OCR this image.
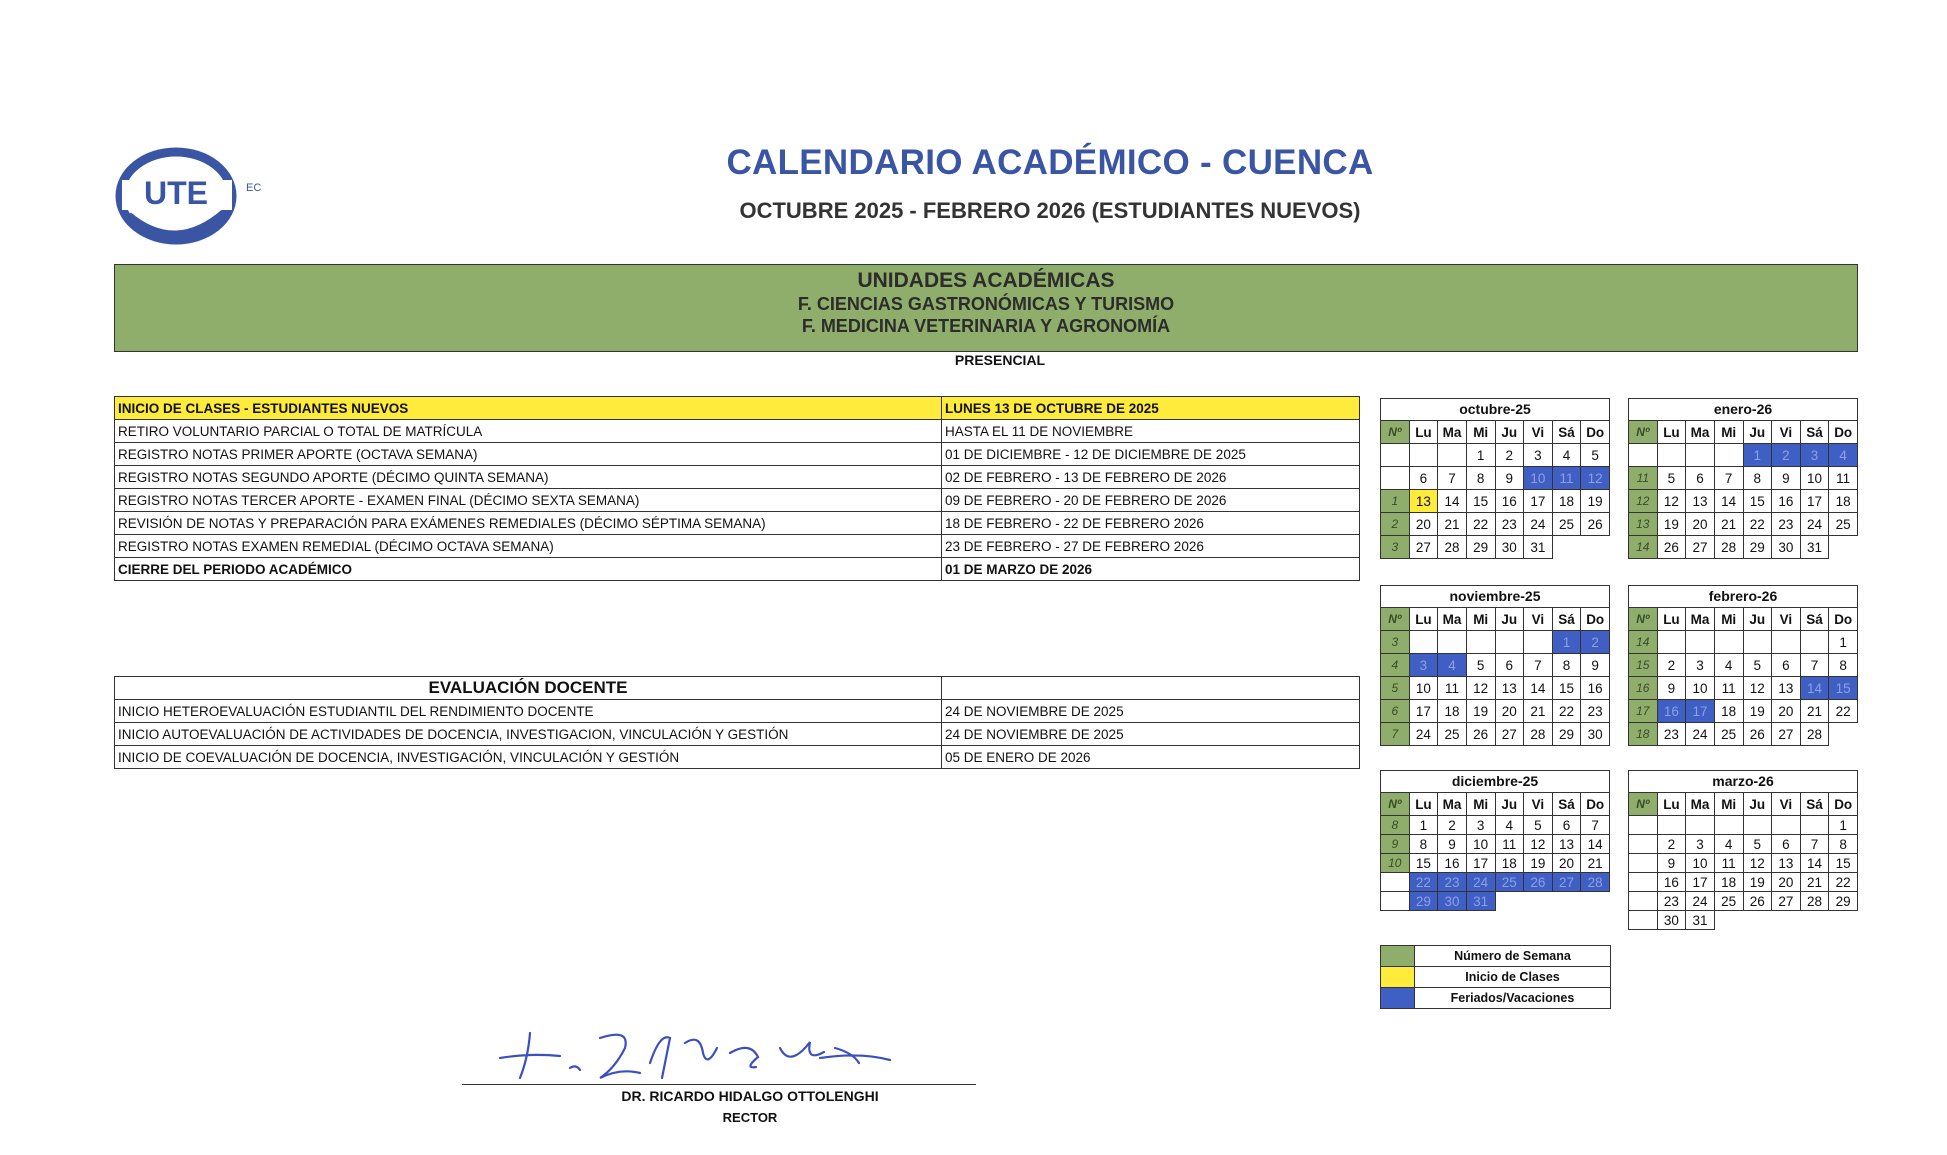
UTE	EC
CALENDARIO ACADÉMICO - CUENCA
OCTUBRE 2025 - FEBRERO 2026 (ESTUDIANTES NUEVOS)
UNIDADES ACADÉMICAS
F. CIENCIAS GASTRONÓMICAS Y TURISMO
F. MEDICINA VETERINARIA Y AGRONOMÍA
PRESENCIAL
INICIO DE CLASES - ESTUDIANTES NUEVOS	LUNES 13 DE OCTUBRE DE 2025
RETIRO VOLUNTARIO PARCIAL O TOTAL DE MATRÍCULA	HASTA EL 11 DE NOVIEMBRE
REGISTRO NOTAS PRIMER APORTE (OCTAVA SEMANA)	01 DE DICIEMBRE - 12 DE DICIEMBRE DE 2025
REGISTRO NOTAS SEGUNDO APORTE (DÉCIMO QUINTA SEMANA)	02 DE FEBRERO - 13 DE FEBRERO DE 2026
REGISTRO NOTAS TERCER APORTE - EXAMEN FINAL (DÉCIMO SEXTA SEMANA)	09 DE FEBRERO - 20 DE FEBRERO DE 2026
REVISIÓN DE NOTAS Y PREPARACIÓN PARA EXÁMENES REMEDIALES (DÉCIMO SÉPTIMA SEMANA)	18 DE FEBRERO - 22 DE FEBRERO 2026
REGISTRO NOTAS EXAMEN REMEDIAL (DÉCIMO OCTAVA SEMANA)	23 DE FEBRERO - 27 DE FEBRERO 2026
CIERRE DEL PERIODO ACADÉMICO	01 DE MARZO DE 2026
EVALUACIÓN DOCENTE	
INICIO HETEROEVALUACIÓN ESTUDIANTIL DEL RENDIMIENTO DOCENTE	24 DE NOVIEMBRE DE 2025
INICIO AUTOEVALUACIÓN DE ACTIVIDADES DE DOCENCIA, INVESTIGACION, VINCULACIÓN Y GESTIÓN	24 DE NOVIEMBRE DE 2025
INICIO DE COEVALUACIÓN DE DOCENCIA, INVESTIGACIÓN, VINCULACIÓN Y GESTIÓN	05 DE ENERO DE 2026
octubre-25
Nº	Lu	Ma	Mi	Ju	Vi	Sá	Do
			1	2	3	4	5
	6	7	8	9	10	11	12
1	13	14	15	16	17	18	19
2	20	21	22	23	24	25	26
3	27	28	29	30	31		
enero-26
Nº	Lu	Ma	Mi	Ju	Vi	Sá	Do
				1	2	3	4
11	5	6	7	8	9	10	11
12	12	13	14	15	16	17	18
13	19	20	21	22	23	24	25
14	26	27	28	29	30	31	
noviembre-25
Nº	Lu	Ma	Mi	Ju	Vi	Sá	Do
3						1	2
4	3	4	5	6	7	8	9
5	10	11	12	13	14	15	16
6	17	18	19	20	21	22	23
7	24	25	26	27	28	29	30
febrero-26
Nº	Lu	Ma	Mi	Ju	Vi	Sá	Do
14							1
15	2	3	4	5	6	7	8
16	9	10	11	12	13	14	15
17	16	17	18	19	20	21	22
18	23	24	25	26	27	28	
diciembre-25
Nº	Lu	Ma	Mi	Ju	Vi	Sá	Do
8	1	2	3	4	5	6	7
9	8	9	10	11	12	13	14
10	15	16	17	18	19	20	21
	22	23	24	25	26	27	28
	29	30	31				
marzo-26
Nº	Lu	Ma	Mi	Ju	Vi	Sá	Do
							1
	2	3	4	5	6	7	8
	9	10	11	12	13	14	15
	16	17	18	19	20	21	22
	23	24	25	26	27	28	29
	30	31					
	Número de Semana
	Inicio de Clases
	Feriados/Vacaciones
DR. RICARDO HIDALGO OTTOLENGHI
RECTOR
